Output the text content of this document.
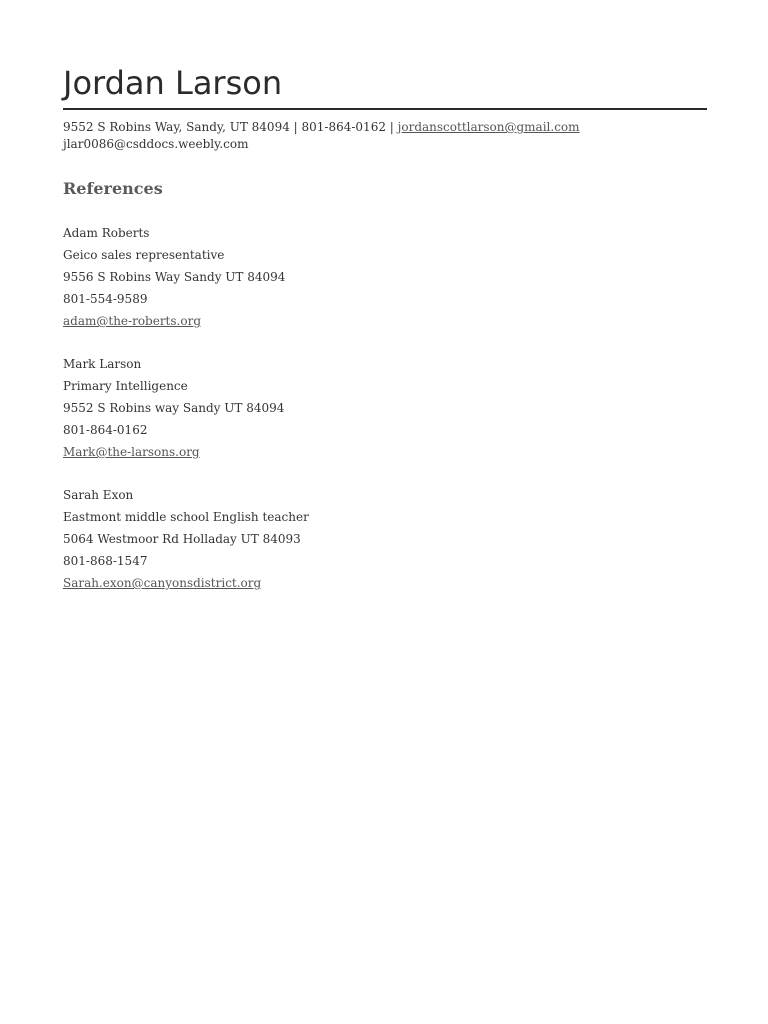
Jordan Larson
9552 S Robins Way, Sandy, UT 84094 | 801-864-0162 | jordanscottlarson@gmail.com
jlar0086@csddocs.weebly.com
References
Adam Roberts
Geico sales representative
9556 S Robins Way Sandy UT 84094
801-554-9589
adam@the-roberts.org
Mark Larson
Primary Intelligence
9552 S Robins way Sandy UT 84094
801-864-0162
Mark@the-larsons.org
Sarah Exon
Eastmont middle school English teacher
5064 Westmoor Rd Holladay UT 84093
801-868-1547
Sarah.exon@canyonsdistrict.org
